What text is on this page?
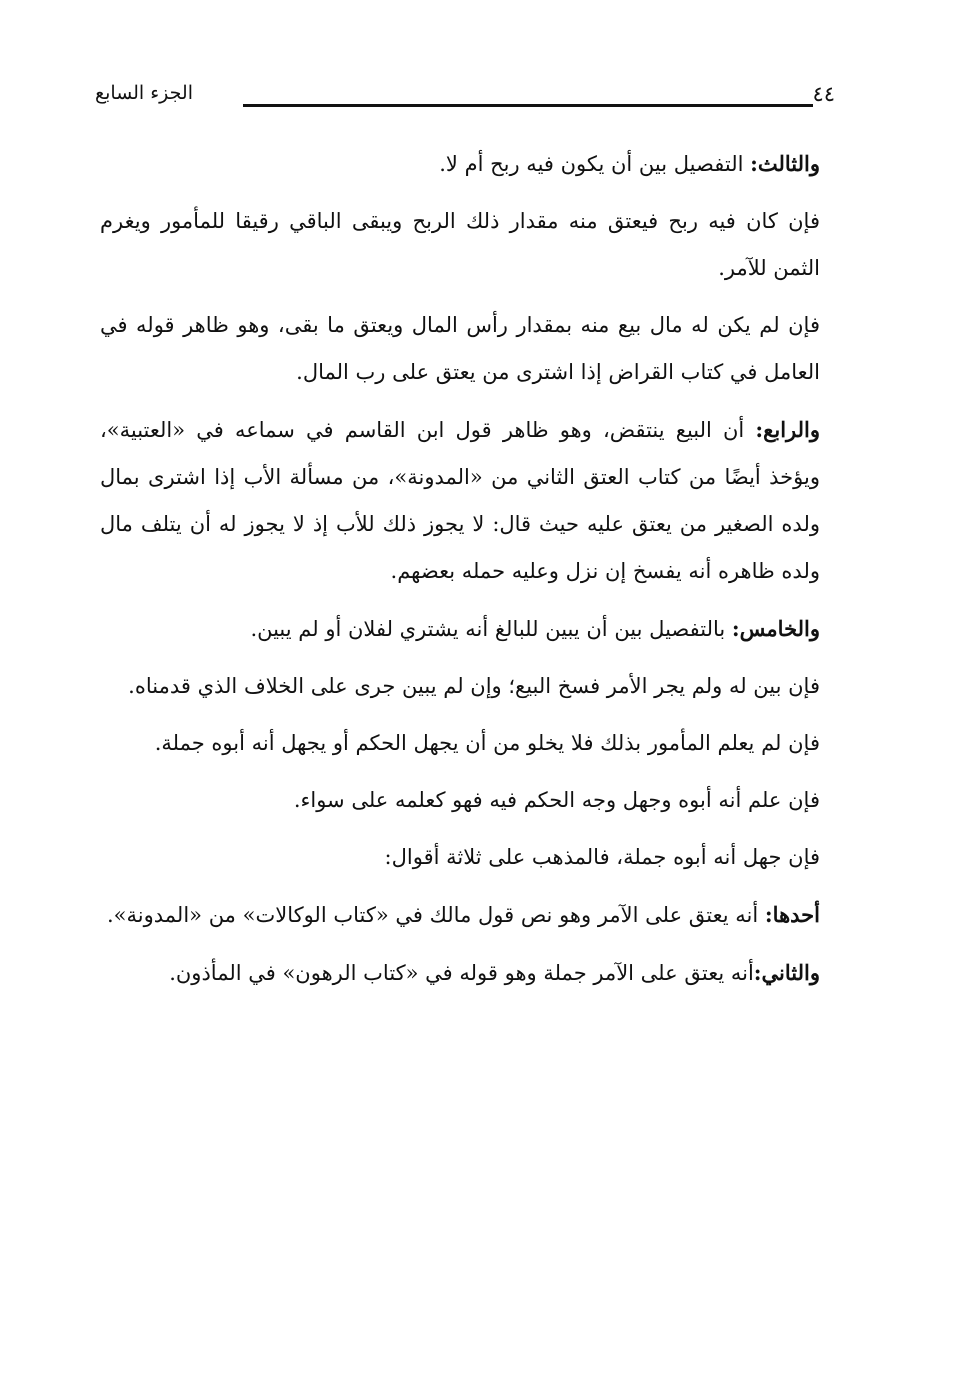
الجزء السابع	٤٤

والثالث: التفصيل بين أن يكون فيه ربح أم لا.

فإن كان فيه ربح فيعتق منه مقدار ذلك الربح ويبقى الباقي رقيقا للمأمور ويغرم الثمن للآمر.

فإن لم يكن له مال بيع منه بمقدار رأس المال ويعتق ما بقى، وهو ظاهر قوله في العامل في كتاب القراض إذا اشترى من يعتق على رب المال.

والرابع: أن البيع ينتقض، وهو ظاهر قول ابن القاسم في سماعه في «العتبية»، ويؤخذ أيضًا من كتاب العتق الثاني من «المدونة»، من مسألة الأب إذا اشترى بمال ولده الصغير من يعتق عليه حيث قال: لا يجوز ذلك للأب إذ لا يجوز له أن يتلف مال ولده ظاهره أنه يفسخ إن نزل وعليه حمله بعضهم.

والخامس: بالتفصيل بين أن يبين للبالغ أنه يشتري لفلان أو لم يبين.

فإن بين له ولم يجر الأمر فسخ البيع؛ وإن لم يبين جرى على الخلاف الذي قدمناه.

فإن لم يعلم المأمور بذلك فلا يخلو من أن يجهل الحكم أو يجهل أنه أبوه جملة.

فإن علم أنه أبوه وجهل وجه الحكم فيه فهو كعلمه على سواء.

فإن جهل أنه أبوه جملة، فالمذهب على ثلاثة أقوال:

أحدها: أنه يعتق على الآمر وهو نص قول مالك في «كتاب الوكالات» من «المدونة».

والثاني:أنه يعتق على الآمر جملة وهو قوله في «كتاب الرهون» في المأذون.
